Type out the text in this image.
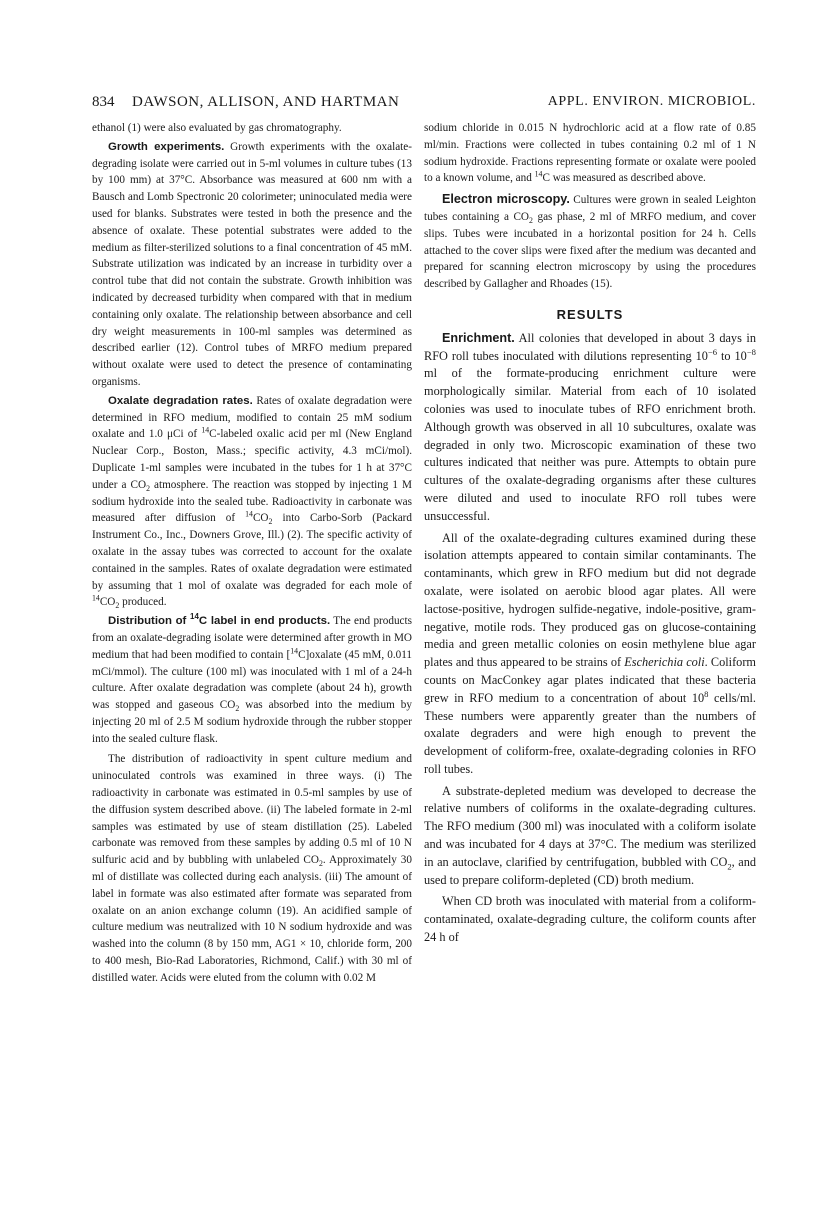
834 DAWSON, ALLISON, AND HARTMAN	APPL. ENVIRON. MICROBIOL.

ethanol (1) were also evaluated by gas chromatography.

Growth experiments. Growth experiments with the oxalate-degrading isolate were carried out in 5-ml volumes in culture tubes (13 by 100 mm) at 37°C. Absorbance was measured at 600 nm with a Bausch and Lomb Spectronic 20 colorimeter; uninoculated media were used for blanks. Substrates were tested in both the presence and the absence of oxalate. These potential substrates were added to the medium as filter-sterilized solutions to a final concentration of 45 mM. Substrate utilization was indicated by an increase in turbidity over a control tube that did not contain the substrate. Growth inhibition was indicated by decreased turbidity when compared with that in medium containing only oxalate. The relationship between absorbance and cell dry weight measurements in 100-ml samples was determined as described earlier (12). Control tubes of MRFO medium prepared without oxalate were used to detect the presence of contaminating organisms.

Oxalate degradation rates. Rates of oxalate degradation were determined in RFO medium, modified to contain 25 mM sodium oxalate and 1.0 μCi of $^{14}$C-labeled oxalic acid per ml (New England Nuclear Corp., Boston, Mass.; specific activity, 4.3 mCi/mol). Duplicate 1-ml samples were incubated in the tubes for 1 h at 37°C under a $CO_2$ atmosphere. The reaction was stopped by injecting 1 M sodium hydroxide into the sealed tube. Radioactivity in carbonate was measured after diffusion of $^{14}CO_2$ into Carbo-Sorb (Packard Instrument Co., Inc., Downers Grove, Ill.) (2). The specific activity of oxalate in the assay tubes was corrected to account for the oxalate contained in the samples. Rates of oxalate degradation were estimated by assuming that 1 mol of oxalate was degraded for each mole of $^{14}CO_2$ produced.

Distribution of $^{14}$C label in end products. The end products from an oxalate-degrading isolate were determined after growth in MO medium that had been modified to contain [$^{14}$C]oxalate (45 mM, 0.011 mCi/mmol). The culture (100 ml) was inoculated with 1 ml of a 24-h culture. After oxalate degradation was complete (about 24 h), growth was stopped and gaseous $CO_2$ was absorbed into the medium by injecting 20 ml of 2.5 M sodium hydroxide through the rubber stopper into the sealed culture flask.

The distribution of radioactivity in spent culture medium and uninoculated controls was examined in three ways. (i) The radioactivity in carbonate was estimated in 0.5-ml samples by use of the diffusion system described above. (ii) The labeled formate in 2-ml samples was estimated by use of steam distillation (25). Labeled carbonate was removed from these samples by adding 0.5 ml of 10 N sulfuric acid and by bubbling with unlabeled $CO_2$. Approximately 30 ml of distillate was collected during each analysis. (iii) The amount of label in formate was also estimated after formate was separated from oxalate on an anion exchange column (19). An acidified sample of culture medium was neutralized with 10 N sodium hydroxide and was washed into the column (8 by 150 mm, AG1 × 10, chloride form, 200 to 400 mesh, Bio-Rad Laboratories, Richmond, Calif.) with 30 ml of distilled water. Acids were eluted from the column with 0.02 M

sodium chloride in 0.015 N hydrochloric acid at a flow rate of 0.85 ml/min. Fractions were collected in tubes containing 0.2 ml of 1 N sodium hydroxide. Fractions representing formate or oxalate were pooled to a known volume, and $^{14}$C was measured as described above.

Electron microscopy. Cultures were grown in sealed Leighton tubes containing a $CO_2$ gas phase, 2 ml of MRFO medium, and cover slips. Tubes were incubated in a horizontal position for 24 h. Cells attached to the cover slips were fixed after the medium was decanted and prepared for scanning electron microscopy by using the procedures described by Gallagher and Rhoades (15).

RESULTS

Enrichment. All colonies that developed in about 3 days in RFO roll tubes inoculated with dilutions representing $10^{-6}$ to $10^{-8}$ ml of the formate-producing enrichment culture were morphologically similar. Material from each of 10 isolated colonies was used to inoculate tubes of RFO enrichment broth. Although growth was observed in all 10 subcultures, oxalate was degraded in only two. Microscopic examination of these two cultures indicated that neither was pure. Attempts to obtain pure cultures of the oxalate-degrading organisms after these cultures were diluted and used to inoculate RFO roll tubes were unsuccessful.

All of the oxalate-degrading cultures examined during these isolation attempts appeared to contain similar contaminants. The contaminants, which grew in RFO medium but did not degrade oxalate, were isolated on aerobic blood agar plates. All were lactose-positive, hydrogen sulfide-negative, indole-positive, gram-negative, motile rods. They produced gas on glucose-containing media and green metallic colonies on eosin methylene blue agar plates and thus appeared to be strains of Escherichia coli. Coliform counts on MacConkey agar plates indicated that these bacteria grew in RFO medium to a concentration of about $10^8$ cells/ml. These numbers were apparently greater than the numbers of oxalate degraders and were high enough to prevent the development of coliform-free, oxalate-degrading colonies in RFO roll tubes.

A substrate-depleted medium was developed to decrease the relative numbers of coliforms in the oxalate-degrading cultures. The RFO medium (300 ml) was inoculated with a coliform isolate and was incubated for 4 days at 37°C. The medium was sterilized in an autoclave, clarified by centrifugation, bubbled with $CO_2$, and used to prepare coliform-depleted (CD) broth medium.

When CD broth was inoculated with material from a coliform-contaminated, oxalate-degrading culture, the coliform counts after 24 h of
